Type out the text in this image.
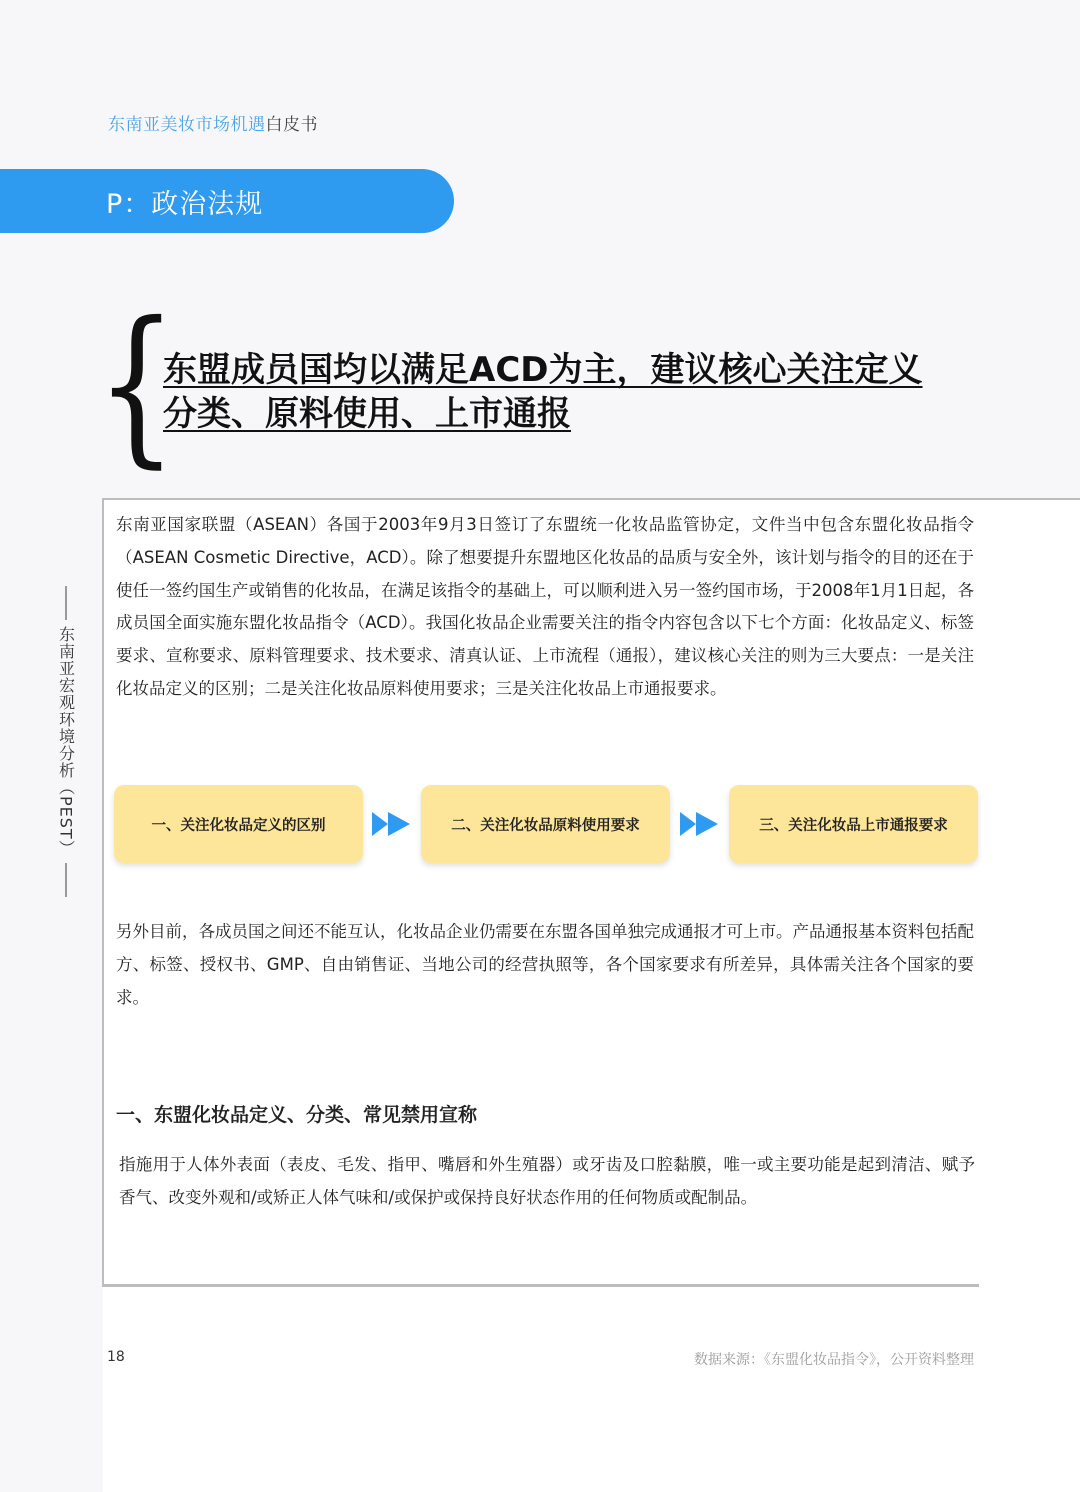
东南亚美妆市场机遇白皮书
P：政治法规
{
东盟成员国均以满足ACD为主，建议核心关注定义
分类、原料使用、上市通报
东南亚宏观环境分析（PEST）

东南亚国家联盟（ASEAN）各国于2003年9月3日签订了东盟统一化妆品监管协定，文件当中包含东盟化妆品指令（ASEAN Cosmetic Directive，ACD）。除了想要提升东盟地区化妆品的品质与安全外，该计划与指令的目的还在于使任一签约国生产或销售的化妆品，在满足该指令的基础上，可以顺利进入另一签约国市场，于2008年1月1日起，各成员国全面实施东盟化妆品指令（ACD）。我国化妆品企业需要关注的指令内容包含以下七个方面：化妆品定义、标签要求、宣称要求、原料管理要求、技术要求、清真认证、上市流程（通报），建议核心关注的则为三大要点：一是关注化妆品定义的区别；二是关注化妆品原料使用要求；三是关注化妆品上市通报要求。

一、关注化妆品定义的区别	二、关注化妆品原料使用要求	三、关注化妆品上市通报要求

另外目前，各成员国之间还不能互认，化妆品企业仍需要在东盟各国单独完成通报才可上市。产品通报基本资料包括配方、标签、授权书、GMP、自由销售证、当地公司的经营执照等，各个国家要求有所差异，具体需关注各个国家的要求。

一、东盟化妆品定义、分类、常见禁用宣称

指施用于人体外表面（表皮、毛发、指甲、嘴唇和外生殖器）或牙齿及口腔黏膜，唯一或主要功能是起到清洁、赋予香气、改变外观和/或矫正人体气味和/或保护或保持良好状态作用的任何物质或配制品。

18	数据来源：《东盟化妆品指令》，公开资料整理
